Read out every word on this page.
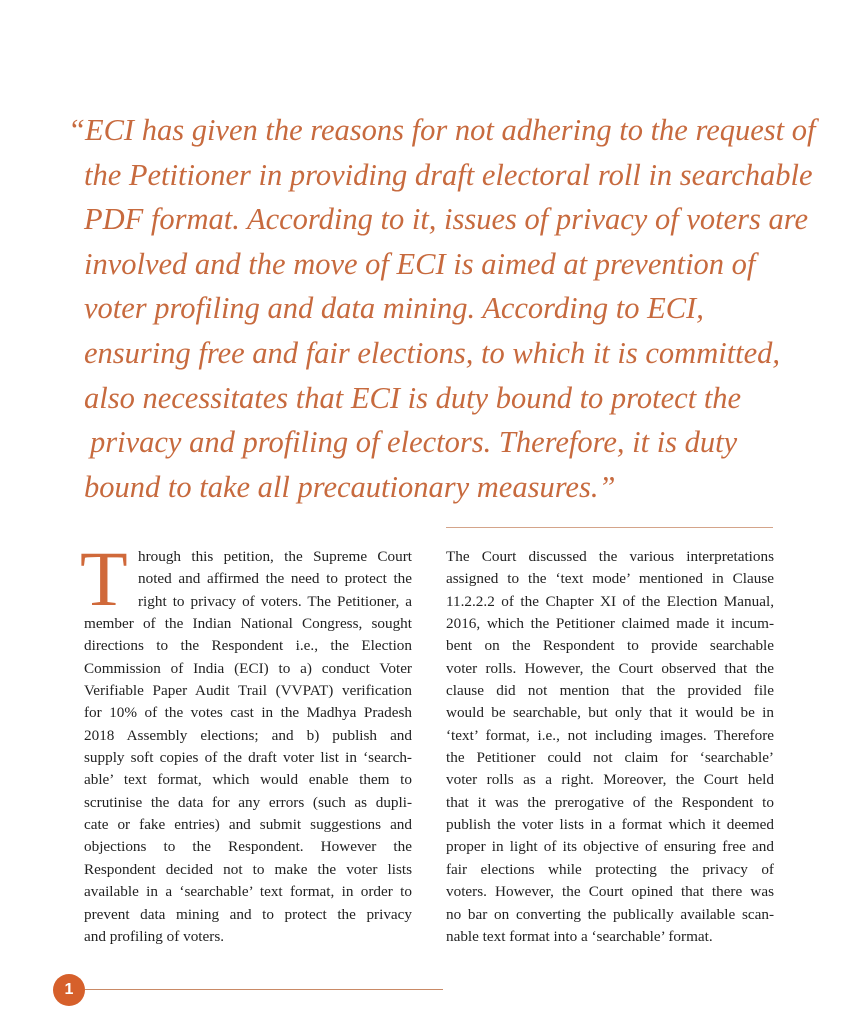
“ECI has given the reasons for not adhering to the request of
the Petitioner in providing draft electoral roll in searchable
PDF format. According to it, issues of privacy of voters are
involved and the move of ECI is aimed at prevention of
voter profiling and data mining. According to ECI,
ensuring free and fair elections, to which it is committed,
also necessitates that ECI is duty bound to protect the
privacy and profiling of electors. Therefore, it is duty
bound to take all precautionary measures.”
T hrough this petition, the Supreme Court
noted and affirmed the need to protect the
right to privacy of voters. The Petitioner, a
member of the Indian National Congress, sought
directions to the Respondent i.e., the Election
Commission of India (ECI) to a) conduct Voter
Verifiable Paper Audit Trail (VVPAT) verification
for 10% of the votes cast in the Madhya Pradesh
2018 Assembly elections; and b) publish and
supply soft copies of the draft voter list in ‘search-
able’ text format, which would enable them to
scrutinise the data for any errors (such as dupli-
cate or fake entries) and submit suggestions and
objections to the Respondent. However the
Respondent decided not to make the voter lists
available in a ‘searchable’ text format, in order to
prevent data mining and to protect the privacy
and profiling of voters.
The Court discussed the various interpretations
assigned to the ‘text mode’ mentioned in Clause
11.2.2.2 of the Chapter XI of the Election Manual,
2016, which the Petitioner claimed made it incum-
bent on the Respondent to provide searchable
voter rolls. However, the Court observed that the
clause did not mention that the provided file
would be searchable, but only that it would be in
‘text’ format, i.e., not including images. Therefore
the Petitioner could not claim for ‘searchable’
voter rolls as a right. Moreover, the Court held
that it was the prerogative of the Respondent to
publish the voter lists in a format which it deemed
proper in light of its objective of ensuring free and
fair elections while protecting the privacy of
voters. However, the Court opined that there was
no bar on converting the publically available scan-
nable text format into a ‘searchable’ format.
1
